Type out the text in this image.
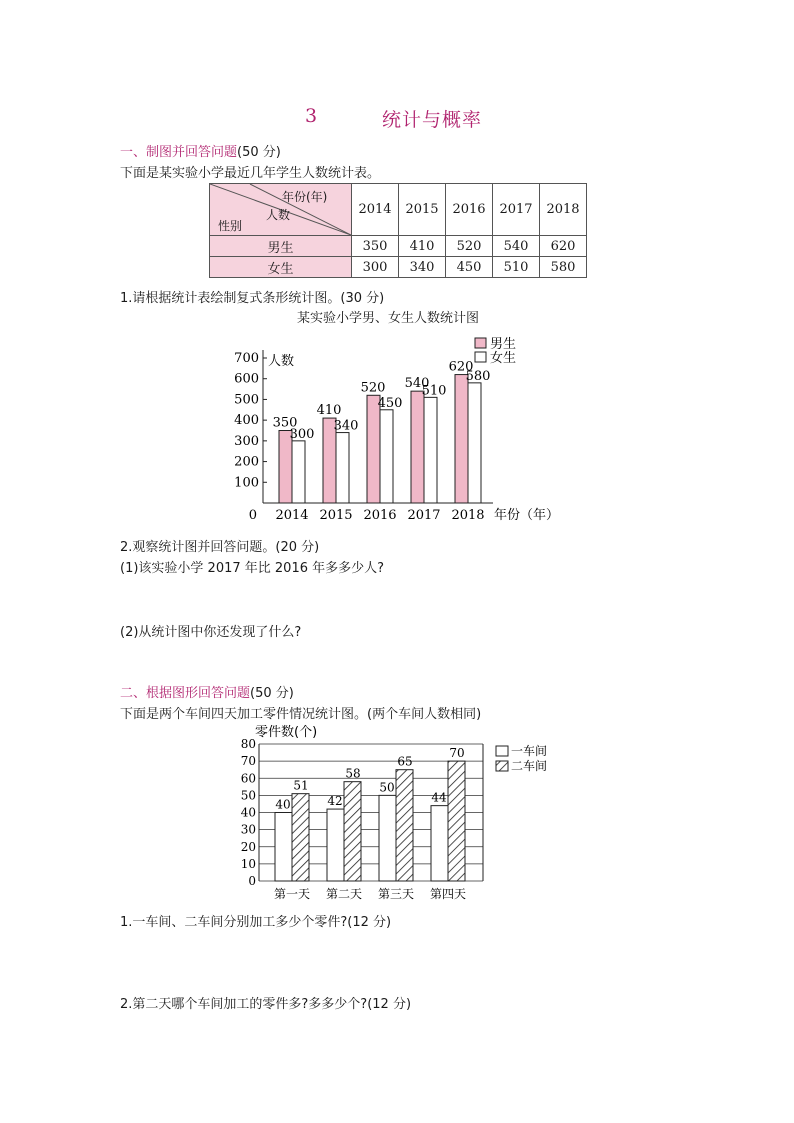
3	统计与概率
一、制图并回答问题(50 分)
下面是某实验小学最近几年学生人数统计表。
年份(年)
人数
性别	2014	2015	2016	2017	2018
男生	350	410	520	540	620
女生	300	340	450	510	580
1.请根据统计表绘制复式条形统计图。(30 分)
某实验小学男、女生人数统计图
100
200
300
400
500
600
700
0
人数
350
300
2014
410
340
2015
520
450
2016
540
510
2017
620
580
2018 年份（年）
男生
女生
2.观察统计图并回答问题。(20 分)
(1)该实验小学 2017 年比 2016 年多多少人?
(2)从统计图中你还发现了什么?
二、根据图形回答问题(50 分)
下面是两个车间四天加工零件情况统计图。(两个车间人数相同)
0
10
20
30
40
50
60
70
80
零件数(个)
40
51
第一天
42
58
第二天
50
65
第三天
44
70
第四天
一车间
二车间
1.一车间、二车间分别加工多少个零件?(12 分)
2.第二天哪个车间加工的零件多?多多少个?(12 分)
